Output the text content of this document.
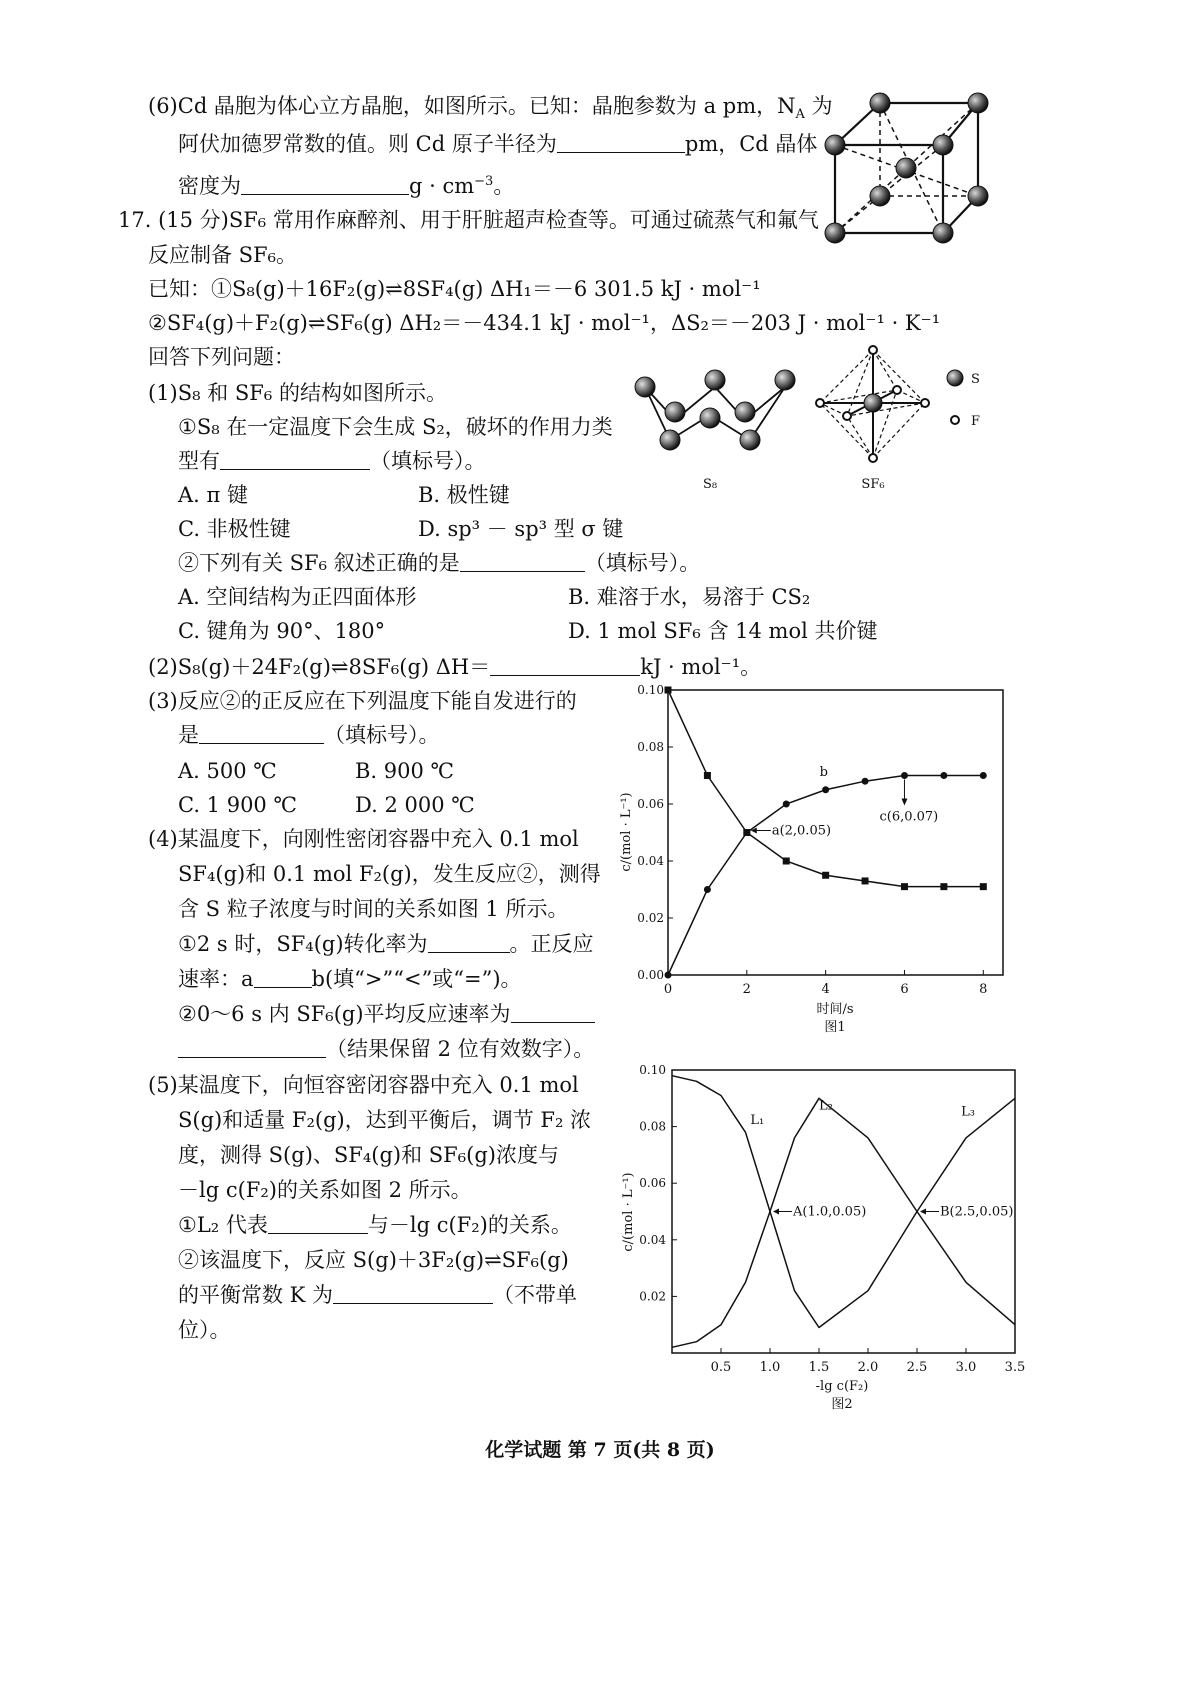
(6)Cd 晶胞为体心立方晶胞，如图所示。已知：晶胞参数为 a pm，$N_A$ 为
阿伏加德罗常数的值。则 Cd 原子半径为	pm，Cd 晶体
密度为	$g \cdot cm^{-3}$。
17. (15 分)SF₆ 常用作麻醉剂、用于肝脏超声检查等。可通过硫蒸气和氟气
反应制备 SF₆。
已知：①S₈(g)＋16F₂(g)⇌8SF₄(g) ΔH₁＝－6 301.5 kJ · mol⁻¹
②SF₄(g)＋F₂(g)⇌SF₆(g) ΔH₂＝－434.1 kJ · mol⁻¹，ΔS₂＝－203 J · mol⁻¹ · K⁻¹
回答下列问题：
(1)S₈ 和 SF₆ 的结构如图所示。
①S₈ 在一定温度下会生成 S₂，破坏的作用力类
型有	（填标号）。
A. π 键	B. 极性键
C. 非极性键	D. sp³ － sp³ 型 σ 键
②下列有关 SF₆ 叙述正确的是	（填标号）。
A. 空间结构为正四面体形	B. 难溶于水，易溶于 CS₂
C. 键角为 90°、180°	D. 1 mol SF₆ 含 14 mol 共价键
(2)S₈(g)＋24F₂(g)⇌8SF₆(g) ΔH＝	kJ · mol⁻¹。
(3)反应②的正反应在下列温度下能自发进行的
是	（填标号）。
A. 500 ℃	B. 900 ℃
C. 1 900 ℃	D. 2 000 ℃
(4)某温度下，向刚性密闭容器中充入 0.1 mol
SF₄(g)和 0.1 mol F₂(g)，发生反应②，测得
含 S 粒子浓度与时间的关系如图 1 所示。
①2 s 时，SF₄(g)转化率为	。正反应
速率：a	b(填“>”“<”或“=”)。
②0～6 s 内 SF₆(g)平均反应速率为
（结果保留 2 位有效数字）。
(5)某温度下，向恒容密闭容器中充入 0.1 mol
S(g)和适量 F₂(g)，达到平衡后，调节 F₂ 浓
度，测得 S(g)、SF₄(g)和 SF₆(g)浓度与
－lg c(F₂)的关系如图 2 所示。
①L₂ 代表	与－lg c(F₂)的关系。
②该温度下，反应 S(g)＋3F₂(g)⇌SF₆(g)
的平衡常数 K 为	（不带单
位）。
S₈	SF₆
S
F
时间/s
图1
c/(mol · L⁻¹)
0	2	4	6	8
0.00
0.02
0.04
0.06
0.08
0.10
a(2,0.05)
b
c(6,0.07)
-lg c(F₂)
图2
c/(mol · L⁻¹)
0.5 1.0 1.5 2.0 2.5 3.0 3.5
0.02
0.04
0.06
0.08
0.10
A(1.0,0.05)	B(2.5,0.05)
L₁
L₂	L₃
化学试题 第 7 页(共 8 页)
